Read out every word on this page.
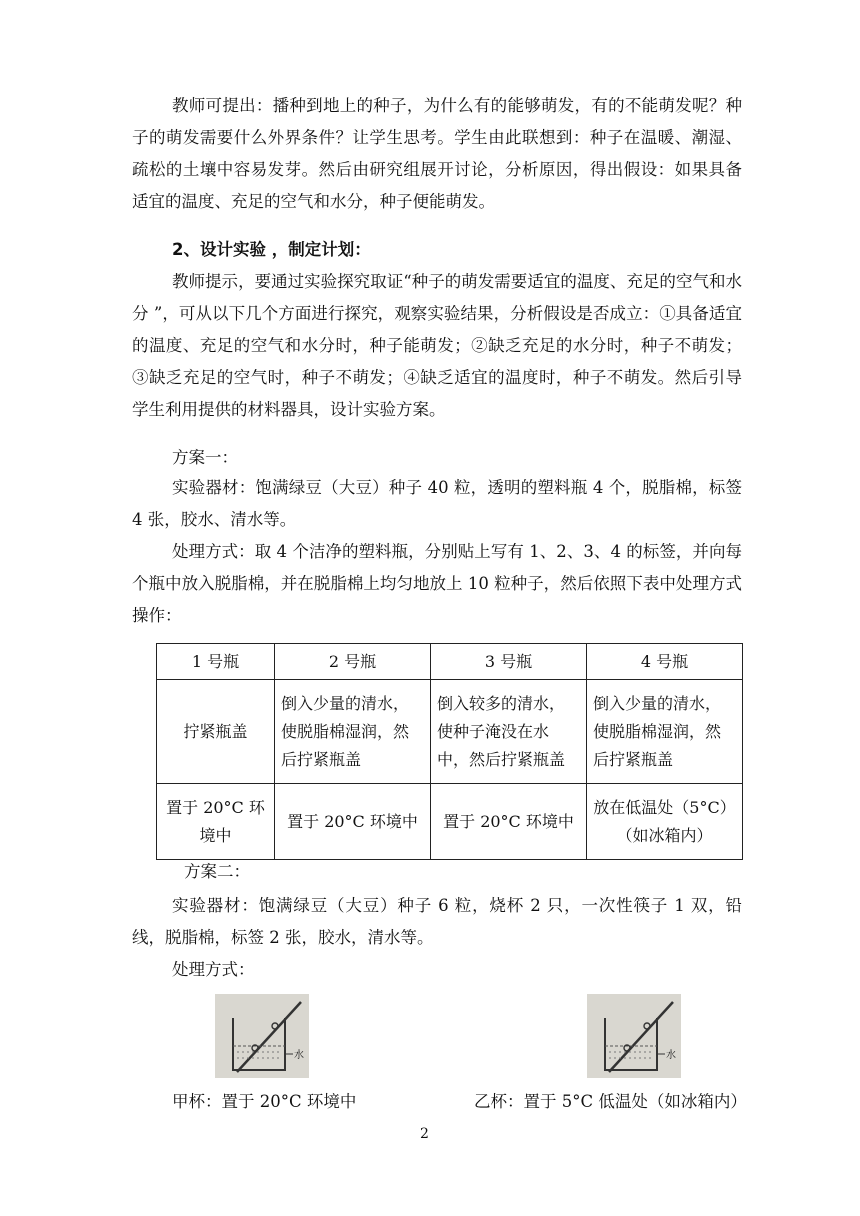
教师可提出：播种到地上的种子，为什么有的能够萌发，有的不能萌发呢？种子的萌发需要什么外界条件？让学生思考。学生由此联想到：种子在温暖、潮湿、疏松的土壤中容易发芽。然后由研究组展开讨论，分析原因，得出假设：如果具备适宜的温度、充足的空气和水分，种子便能萌发。

2、设计实验 ，制定计划：

教师提示，要通过实验探究取证“种子的萌发需要适宜的温度、充足的空气和水分 ”，可从以下几个方面进行探究，观察实验结果，分析假设是否成立：①具备适宜的温度、充足的空气和水分时，种子能萌发；②缺乏充足的水分时，种子不萌发；③缺乏充足的空气时，种子不萌发；④缺乏适宜的温度时，种子不萌发。然后引导学生利用提供的材料器具，设计实验方案。

方案一：

实验器材：饱满绿豆（大豆）种子 40 粒，透明的塑料瓶 4 个，脱脂棉，标签 4 张，胶水、清水等。

处理方式：取 4 个洁净的塑料瓶，分别贴上写有 1、2、3、4 的标签，并向每个瓶中放入脱脂棉，并在脱脂棉上均匀地放上 10 粒种子，然后依照下表中处理方式操作：

1 号瓶	2 号瓶	3 号瓶	4 号瓶
拧紧瓶盖	倒入少量的清水，使脱脂棉湿润，然后拧紧瓶盖	倒入较多的清水，使种子淹没在水中，然后拧紧瓶盖	倒入少量的清水，使脱脂棉湿润，然后拧紧瓶盖
置于 20°C 环境中	置于 20°C 环境中	置于 20°C 环境中	放在低温处（5°C）（如冰箱内）

方案二：

实验器材：饱满绿豆（大豆）种子 6 粒，烧杯 2 只，一次性筷子 1 双，铅线，脱脂棉，标签 2 张，胶水，清水等。

处理方式：

水	水

甲杯：置于 20°C 环境中	乙杯：置于 5°C 低温处（如冰箱内）

2
